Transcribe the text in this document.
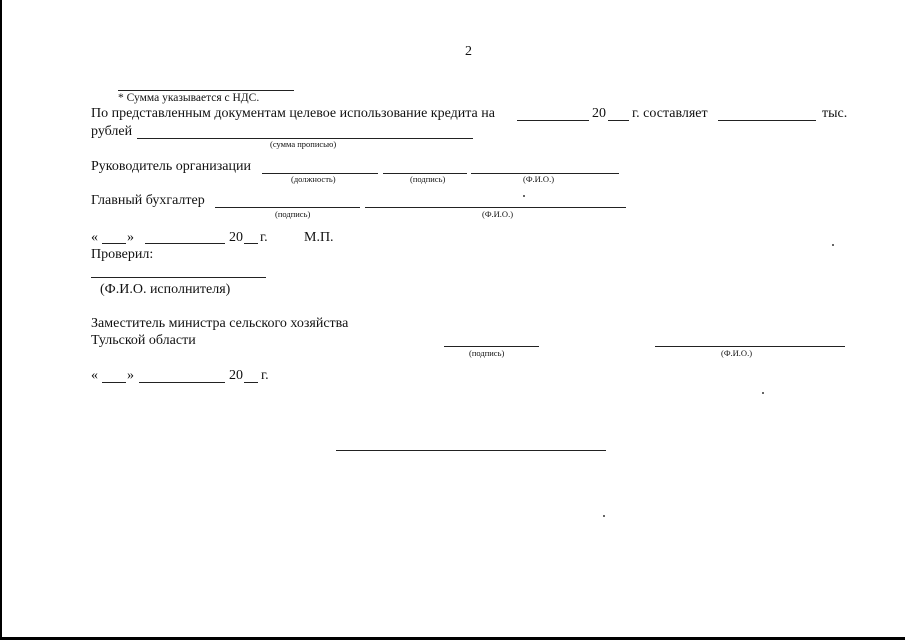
2
* Сумма указывается с НДС.
По представленным документам целевое использование кредита на	20 г. составляет	тыс.
рублей
(сумма прописью)
Руководитель организации
(должность)	(подпись)	(Ф.И.О.)
Главный бухгалтер
(подпись)	(Ф.И.О.)
« »	20 г.	М.П.
Проверил:
(Ф.И.О. исполнителя)
Заместитель министра сельского хозяйства
Тульской области
(подпись)	(Ф.И.О.)
« »	20 г.
